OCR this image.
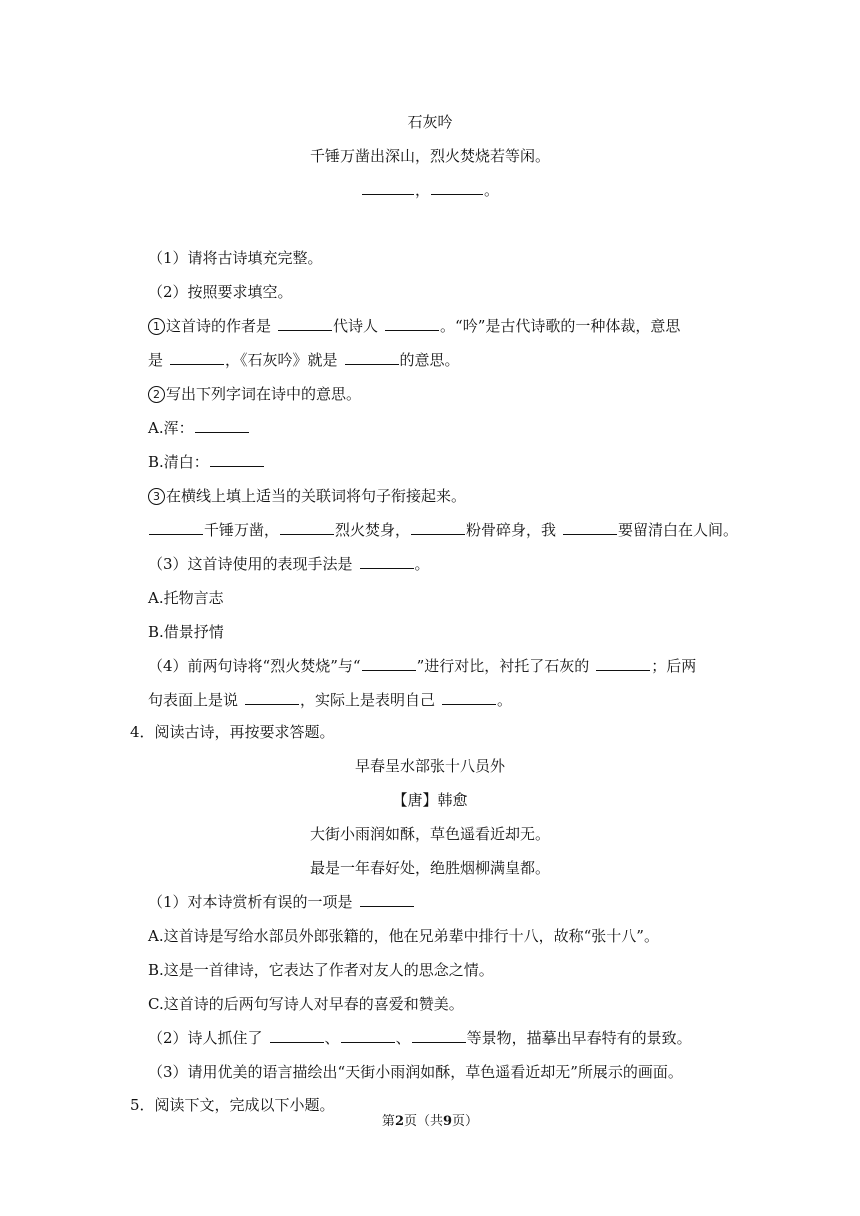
石灰吟
千锤万凿出深山，烈火焚烧若等闲。
，	。
（1）请将古诗填充完整。
（2）按照要求填空。
1 这首诗的作者是	代诗人	。“吟”是古代诗歌的一种体裁，意思
是	，《石灰吟》就是	的意思。
2 写出下列字词在诗中的意思。
A.浑：
B.清白：
3 在横线上填上适当的关联词将句子衔接起来。
千锤万凿，	烈火焚身，	粉骨碎身，我	要留清白在人间。
（3）这首诗使用的表现手法是	。
A.托物言志
B.借景抒情
（4）前两句诗将“烈火焚烧”与“	”进行对比，衬托了石灰的	；后两
句表面上是说	，实际上是表明自己	。
4．阅读古诗，再按要求答题。
早春呈水部张十八员外
【唐】韩愈
大街小雨润如酥，草色遥看近却无。
最是一年春好处，绝胜烟柳满皇都。
（1）对本诗赏析有误的一项是
A.这首诗是写给水部员外郎张籍的，他在兄弟辈中排行十八，故称“张十八”。
B.这是一首律诗，它表达了作者对友人的思念之情。
C.这首诗的后两句写诗人对早春的喜爱和赞美。
（2）诗人抓住了	、	、	等景物，描摹出早春特有的景致。
（3）请用优美的语言描绘出“天街小雨润如酥，草色遥看近却无”所展示的画面。
5．阅读下文，完成以下小题。
第2页（共9页）
